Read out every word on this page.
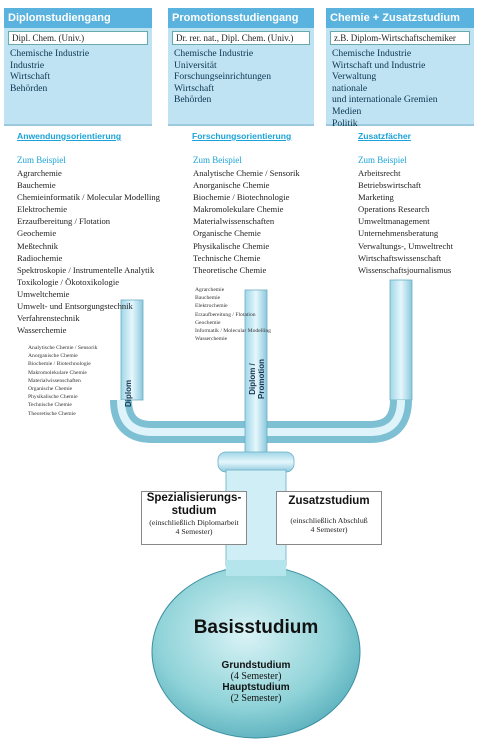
Diplomstudiengang
Dipl. Chem. (Univ.)
Chemische Industrie
Industrie
Wirtschaft
Behörden
Promotionsstudiengang
Dr. rer. nat., Dipl. Chem. (Univ.)
Chemische Industrie
Universität
Forschungseinrichtungen
Wirtschaft
Behörden
Chemie + Zusatzstudium
z.B. Diplom-Wirtschaftschemiker
Chemische Industrie
Wirtschaft und Industrie
Verwaltung
nationale
und internationale Gremien
Medien
Politik
Anwendungsorientierung	Forschungsorientierung	Zusatzfächer
Zum Beispiel	Zum Beispiel	Zum Beispiel
Agrarchemie
Bauchemie
Chemieinformatik / Molecular Modelling
Elektrochemie
Erzaufbereitung / Flotation
Geochemie
Meßtechnik
Radiochemie
Spektroskopie / Instrumentelle Analytik
Toxikologie / Ökotoxikologie
Umweltchemie
Umwelt- und Entsorgungstechnik
Verfahrenstechnik
Wasserchemie
Analytische Chemie / Sensorik
Anorganische Chemie
Biochemie / Biotechnologie
Makromolekulare Chemie
Materialwissenschaften
Organische Chemie
Physikalische Chemie
Technische Chemie
Theoretische Chemie
Analytische Chemie / Sensorik
Anorganische Chemie
Biochemie / Biotechnologie
Makromolekulare Chemie
Materialwissenschaften
Organische Chemie
Physikalische Chemie
Technische Chemie
Theoretische Chemie
Agrarchemie
Bauchemie
Elektrochemie
Erzaufbereitung / Flotation
Geochemie
Informatik / Molecular Modelling
Wasserchemie
Arbeitsrecht
Betriebswirtschaft
Marketing
Operations Research
Umweltmanagement
Unternehmensberatung
Verwaltungs-, Umweltrecht
Wirtschaftswissenschaft
Wissenschaftsjournalismus
Diplom	Diplom / Promotion
Spezialisierungs-
studium
(einschließlich Diplomarbeit
4 Semester)
Zusatzstudium
(einschließlich Abschluß
4 Semester)
Basisstudium
Grundstudium
(4 Semester)
Hauptstudium
(2 Semester)
